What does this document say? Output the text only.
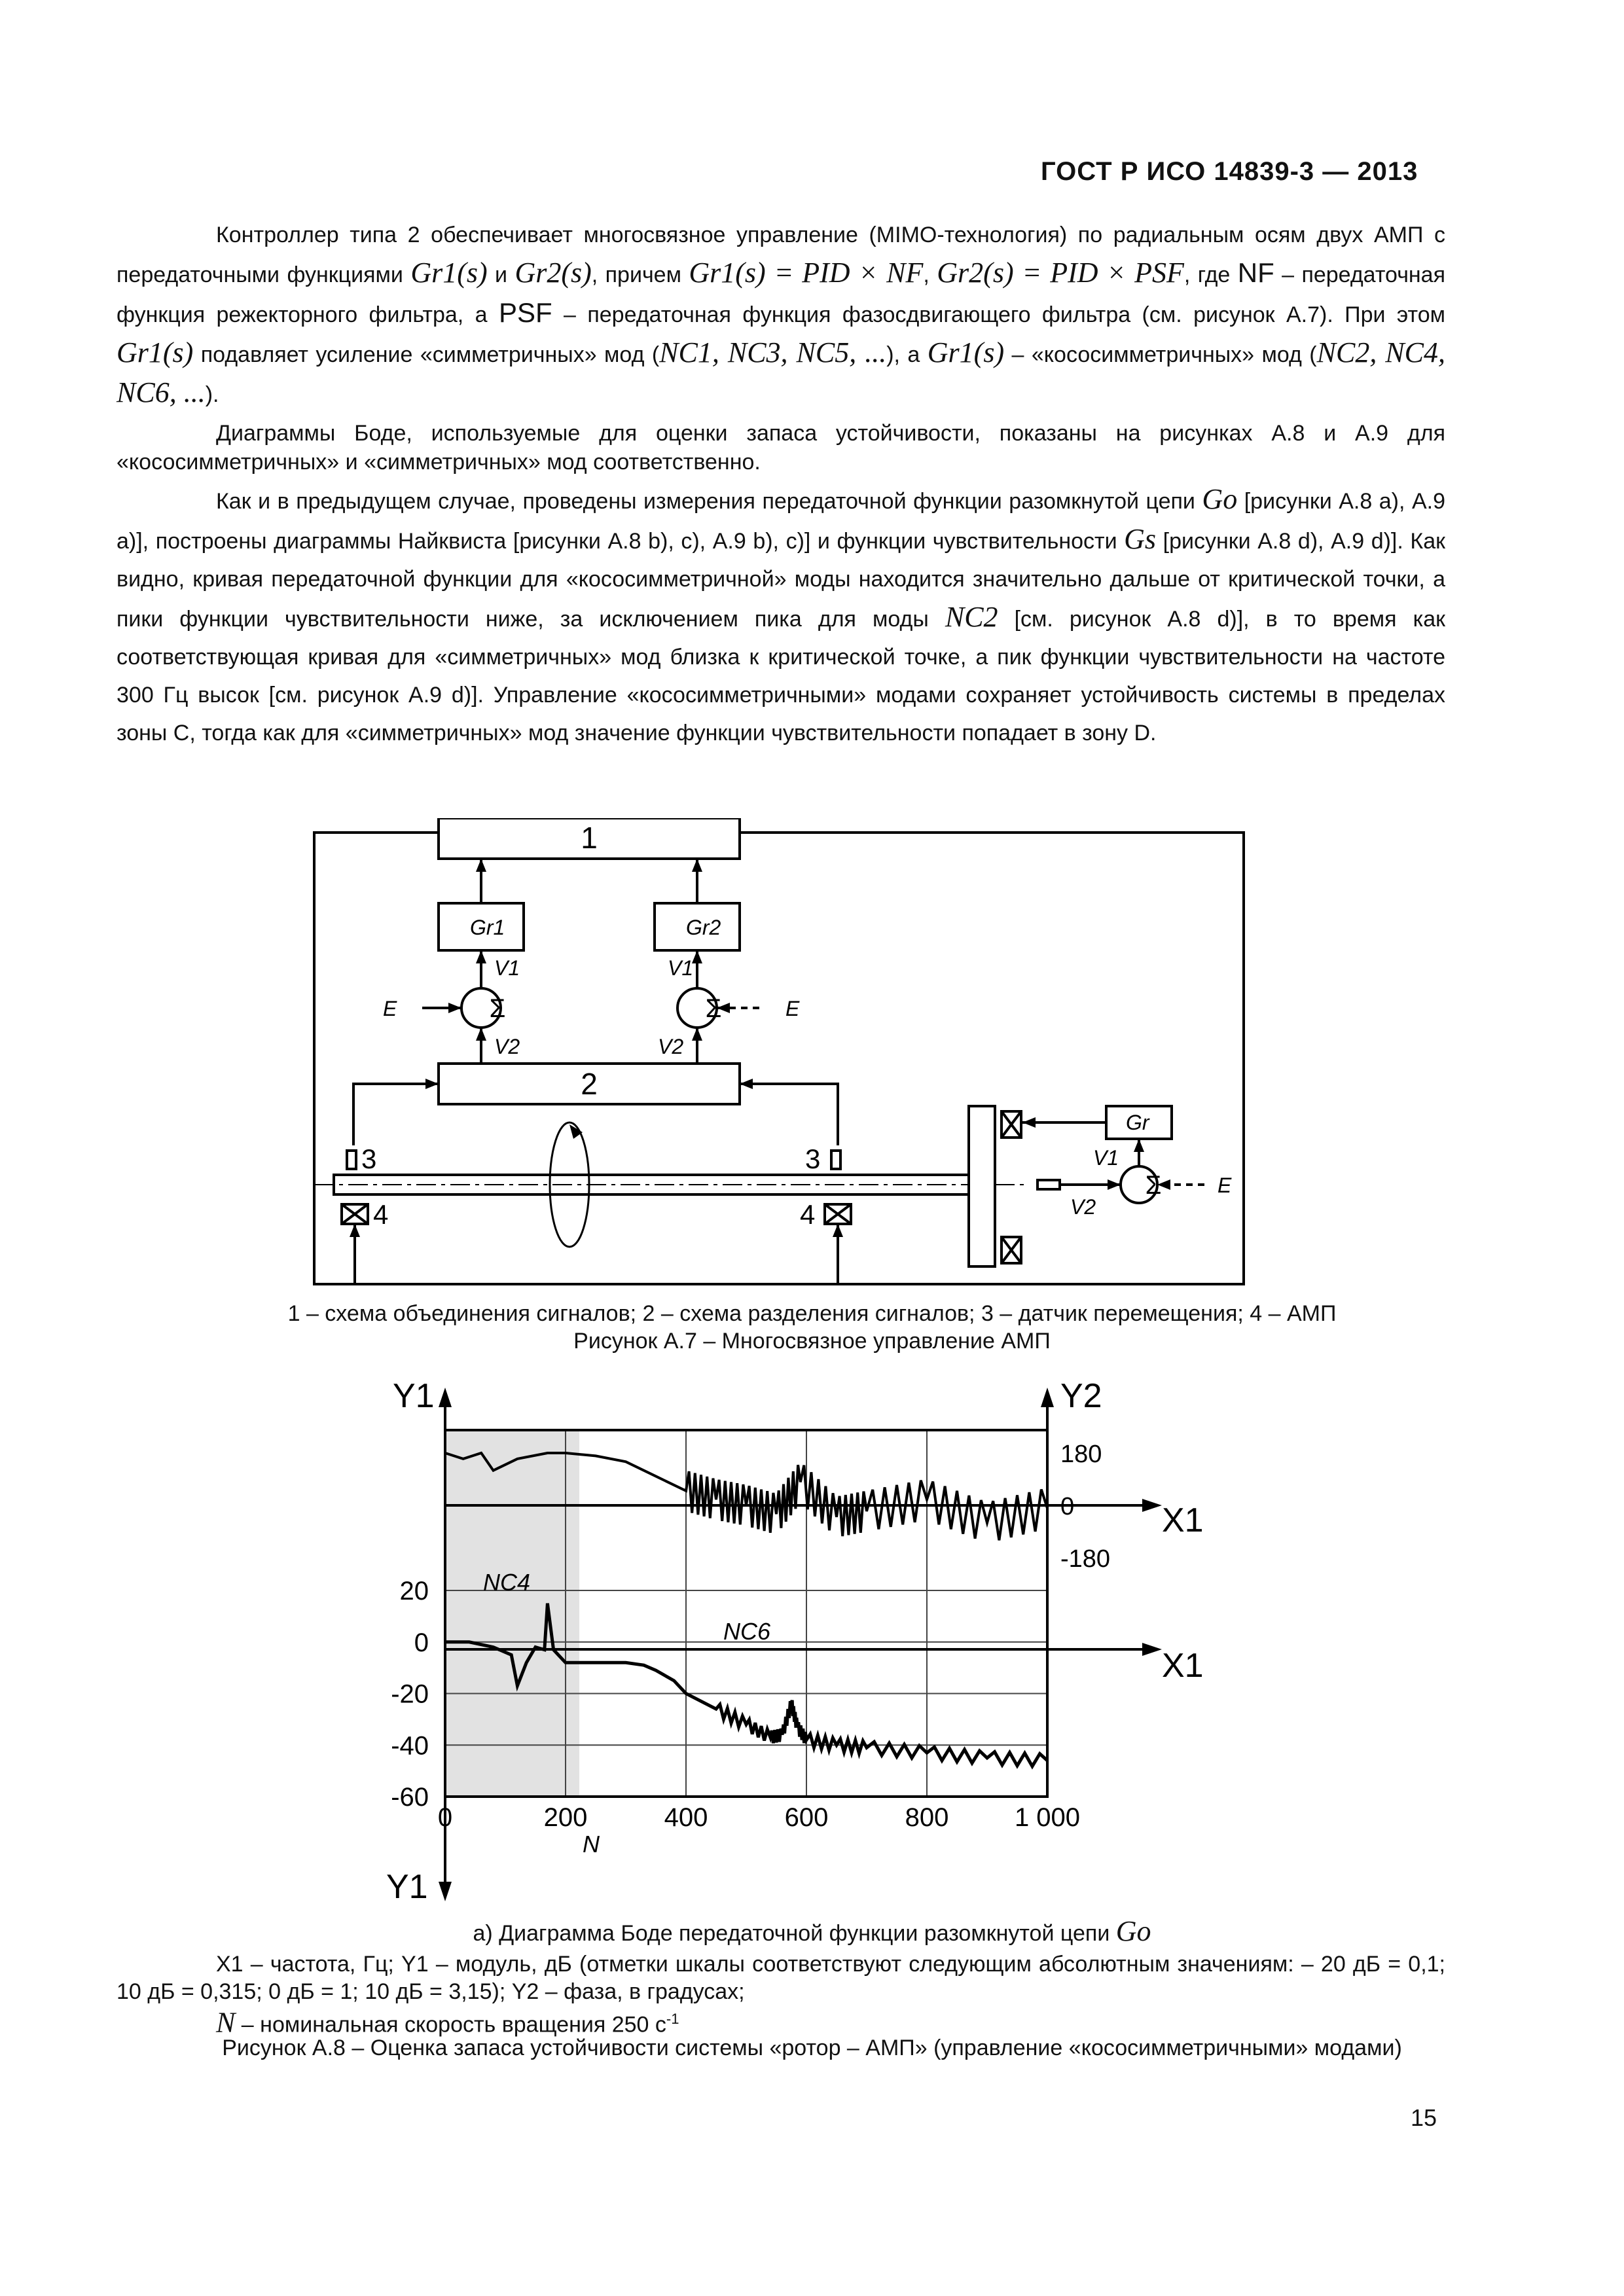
ГОСТ Р ИСО 14839-3 — 2013

Контроллер типа 2 обеспечивает многосвязное управление (MIMO-технология) по радиальным осям двух АМП с передаточными функциями Gr1(s) и Gr2(s), причем Gr1(s) = PID × NF, Gr2(s) = PID × PSF, где NF – передаточная функция режекторного фильтра, а PSF – передаточная функция фазосдвигающего фильтра (см. рисунок А.7). При этом Gr1(s) подавляет усиление «симметричных» мод (NC1, NC3, NC5, ...), а Gr1(s) – «кососимметричных» мод (NC2, NC4, NC6, ...).

Диаграммы Боде, используемые для оценки запаса устойчивости, показаны на рисунках А.8 и А.9 для «кососимметричных» и «симметричных» мод соответственно.

Как и в предыдущем случае, проведены измерения передаточной функции разомкнутой цепи Go [рисунки А.8 а), А.9 а)], построены диаграммы Найквиста [рисунки А.8 b), c), А.9 b), c)] и функции чувствительности Gs [рисунки А.8 d), А.9 d)]. Как видно, кривая передаточной функции для «кососимметричной» моды находится значительно дальше от критической точки, а пики функции чувствительности ниже, за исключением пика для моды NC2 [см. рисунок А.8 d)], в то время как соответствующая кривая для «симметричных» мод близка к критической точке, а пик функции чувствительности на частоте 300 Гц высок [см. рисунок А.9 d)]. Управление «кососимметричными» модами сохраняет устойчивость системы в пределах зоны С, тогда как для «симметричных» мод значение функции чувствительности попадает в зону D.

1
2
Gr1	Gr2
Gr
V1	V1
V2	V2
V1
V2
E	E
E
Σ	Σ
Σ
3	3
4	4
1 – схема объединения сигналов; 2 – схема разделения сигналов; 3 – датчик перемещения; 4 – АМП
Рисунок А.7 – Многосвязное управление АМП
0	200	400	600	800	1 000
20
0
-20
-40
-60
180
0
-180
Y1	Y2
X1
X1
Y1
NC4
NC6
N
a) Диаграмма Боде передаточной функции разомкнутой цепи Go
X1 – частота, Гц; Y1 – модуль, дБ (отметки шкалы соответствуют следующим абсолютным значениям: – 20 дБ = 0,1; 10 дБ = 0,315; 0 дБ = 1; 10 дБ = 3,15); Y2 – фаза, в градусах;
N – номинальная скорость вращения 250 $с^{-1}$
Рисунок А.8 – Оценка запаса устойчивости системы «ротор – АМП» (управление «кососимметричными» модами)
15
